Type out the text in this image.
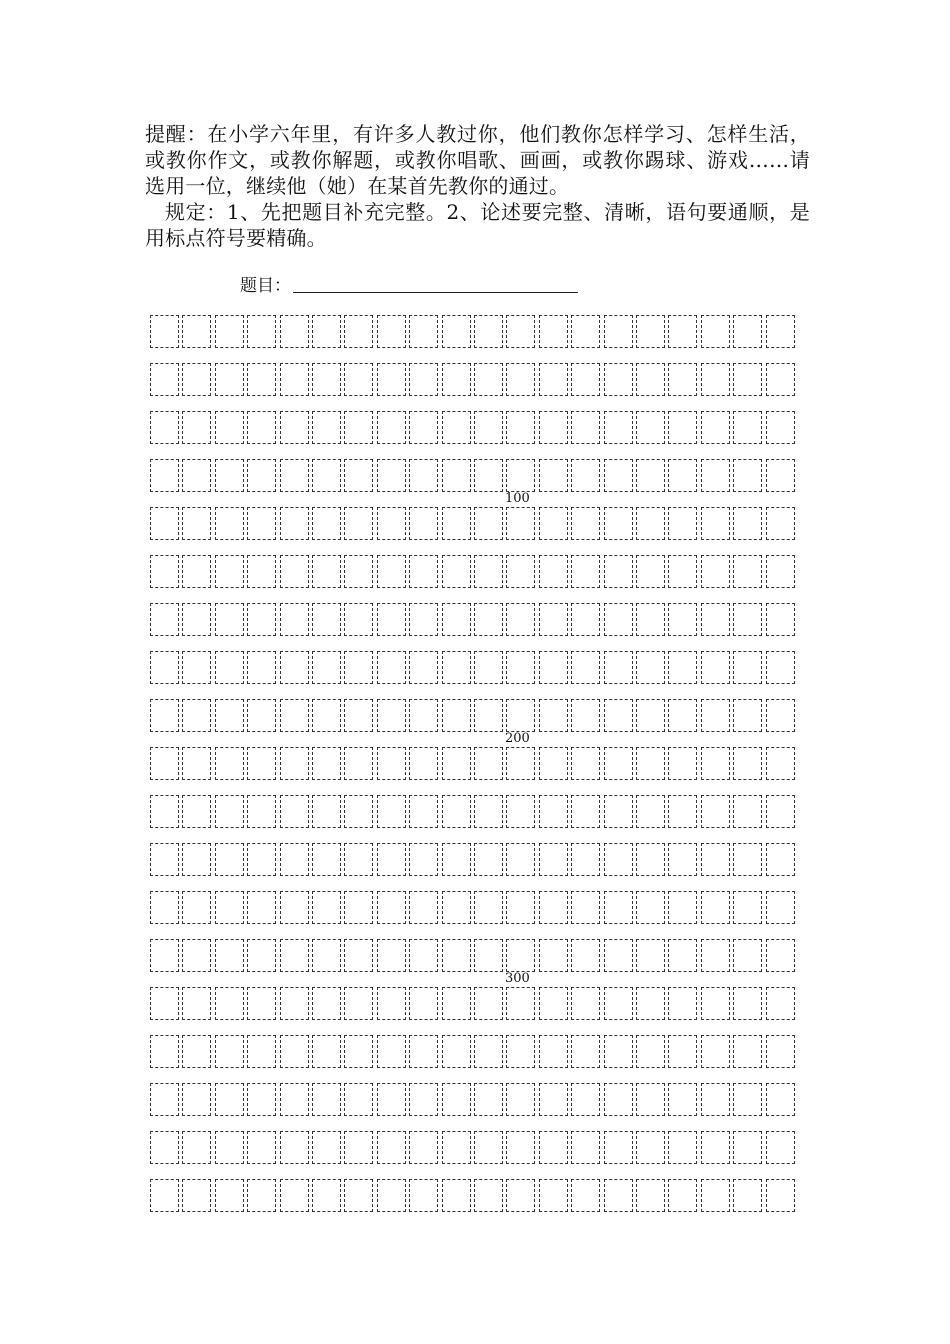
提醒：在小学六年里，有许多人教过你，他们教你怎样学习、怎样生活，或教你作文，或教你解题，或教你唱歌、画画，或教你踢球、游戏……请选用一位，继续他（她）在某首先教你的通过。

规定：1、先把题目补充完整。2、论述要完整、清晰，语句要通顺，是用标点符号要精确。

题目：
100
200
300
